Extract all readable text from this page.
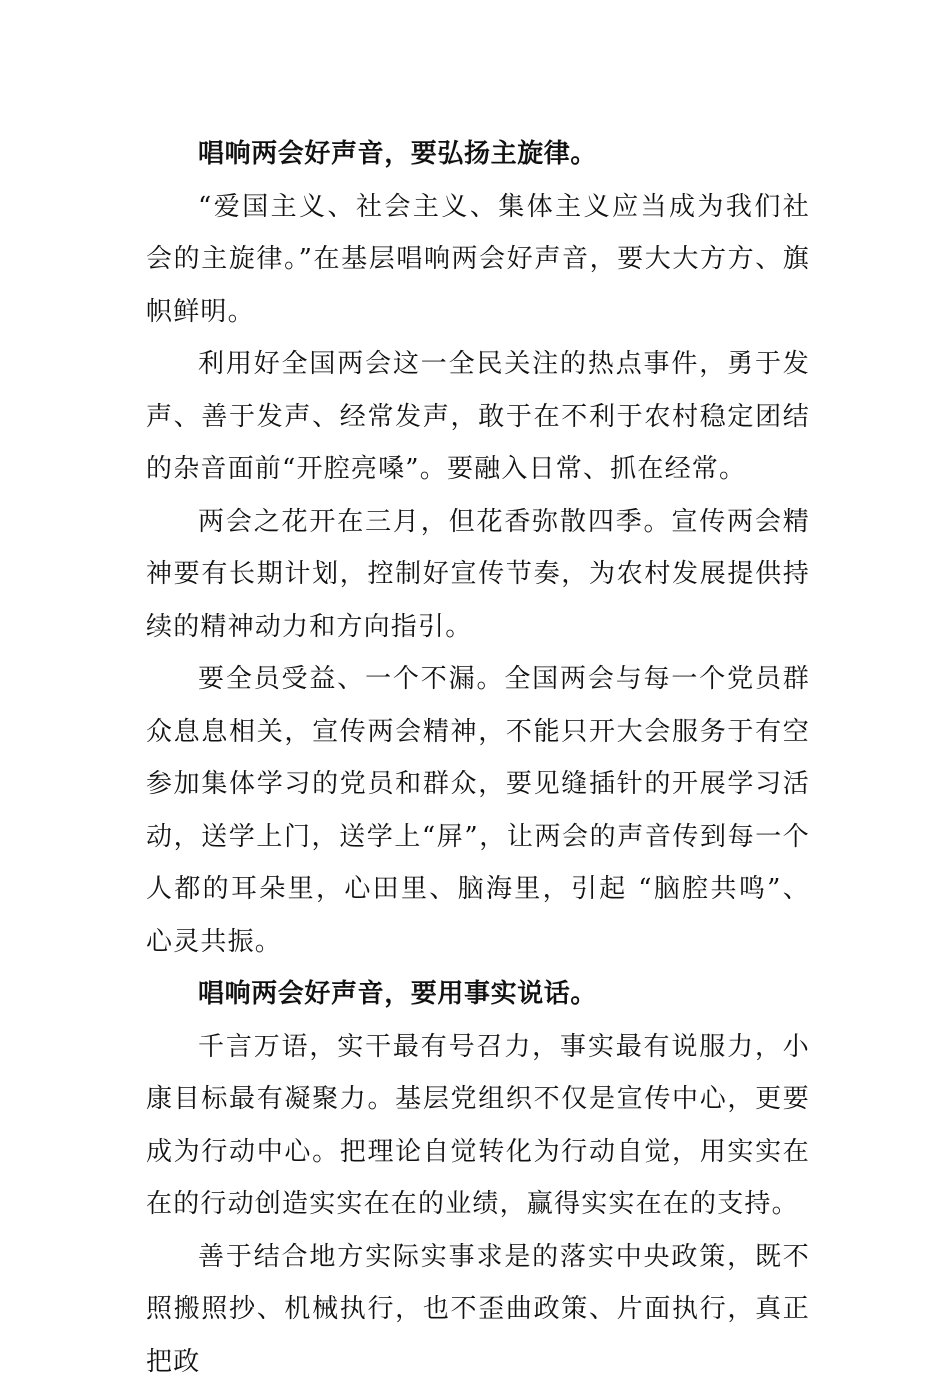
唱响两会好声音，要弘扬主旋律。

“爱国主义、社会主义、集体主义应当成为我们社会的主旋律。”在基层唱响两会好声音，要大大方方、旗帜鲜明。

利用好全国两会这一全民关注的热点事件，勇于发声、善于发声、经常发声，敢于在不利于农村稳定团结的杂音面前“开腔亮嗓”。要融入日常、抓在经常。

两会之花开在三月，但花香弥散四季。宣传两会精神要有长期计划，控制好宣传节奏，为农村发展提供持续的精神动力和方向指引。

要全员受益、一个不漏。全国两会与每一个党员群众息息相关，宣传两会精神，不能只开大会服务于有空参加集体学习的党员和群众，要见缝插针的开展学习活动，送学上门，送学上“屏”，让两会的声音传到每一个人都的耳朵里，心田里、脑海里，引起 “脑腔共鸣”、心灵共振。

唱响两会好声音，要用事实说话。

千言万语，实干最有号召力，事实最有说服力，小康目标最有凝聚力。基层党组织不仅是宣传中心，更要成为行动中心。把理论自觉转化为行动自觉，用实实在在的行动创造实实在在的业绩，赢得实实在在的支持。

善于结合地方实际实事求是的落实中央政策，既不照搬照抄、机械执行，也不歪曲政策、片面执行，真正把政
